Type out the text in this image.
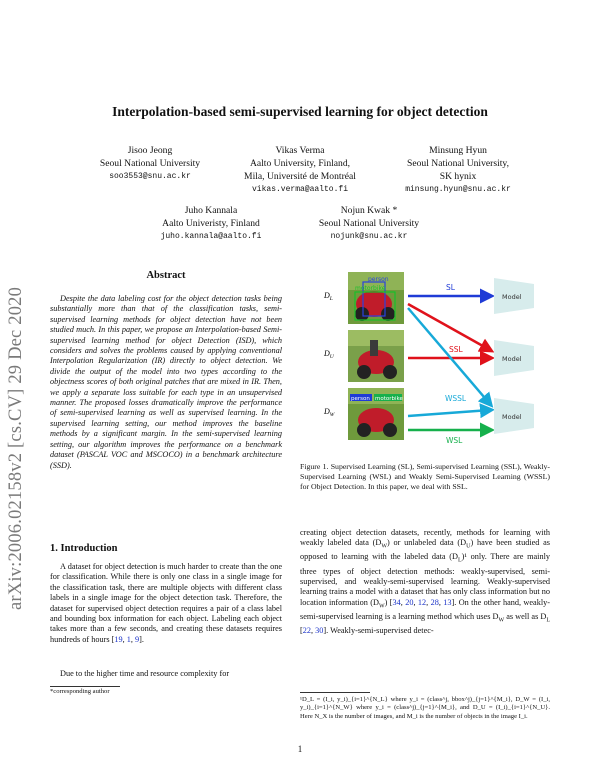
arXiv:2006.02158v2 [cs.CV] 29 Dec 2020
Interpolation-based semi-supervised learning for object detection
Jisoo Jeong
Seoul National University
soo3553@snu.ac.kr
Vikas Verma
Aalto University, Finland,
Mila, Université de Montréal
vikas.verma@aalto.fi
Minsung Hyun
Seoul National University,
SK hynix
minsung.hyun@snu.ac.kr
Juho Kannala
Aalto Univeristy, Finland
juho.kannala@aalto.fi
Nojun Kwak *
Seoul National University
nojunk@snu.ac.kr
Abstract
Despite the data labeling cost for the object detection tasks being substantially more than that of the classification tasks, semi-supervised learning methods for object detection have not been studied much. In this paper, we propose an Interpolation-based Semi-supervised learning method for object Detection (ISD), which considers and solves the problems caused by applying conventional Interpolation Regularization (IR) directly to object detection. We divide the output of the model into two types according to the objectness scores of both original patches that are mixed in IR. Then, we apply a separate loss suitable for each type in an unsupervised manner. The proposed losses dramatically improve the performance of semi-supervised learning as well as supervised learning. In the supervised learning setting, our method improves the baseline methods by a significant margin. In the semi-supervised learning setting, our algorithm improves the performance on a benchmark dataset (PASCAL VOC and MSCOCO) in a benchmark architecture (SSD).
1. Introduction
A dataset for object detection is much harder to create than the one for classification. While there is only one class in a single image for the classification task, there are multiple objects with different class labels in a single image for the object detection task. Therefore, the dataset for supervised object detection requires a pair of a class label and bounding box information for each object. Labeling each object takes more than a few seconds, and creating these datasets requires hundreds of hours [19, 1, 9].
Due to the higher time and resource complexity for
*corresponding author
person
motorbike
person motorbike
$D_L$
$D_U$
$D_W$
SL
SSL
WSSL
WSL
Model
Model
Model
Figure 1. Supervised Learning (SL), Semi-supervised Learning (SSL), Weakly-Supervised Learning (WSL) and Weakly Semi-Supervised Learning (WSSL) for Object Detection. In this paper, we deal with SSL.
creating object detection datasets, recently, methods for learning with weakly labeled data $(D_W)$ or unlabeled data $(D_U)$ have been studied as opposed to learning with the labeled data $(D_L)^1$ only. There are mainly three types of object detection methods: weakly-supervised, semi-supervised, and weakly-semi-supervised learning. Weakly-supervised learning trains a model with a dataset that has only class information but no location information $(D_W)$ [34, 20, 12, 28, 13]. On the other hand, weakly-semi-supervised learning is a learning method which uses $D_W$ as well as $D_L$ [22, 30]. Weakly-semi-supervised detec-
¹D_L = (I_i, y_i)_{i=1}^{N_L} where y_i = (class^j, bbox^j)_{j=1}^{M_i}, D_W = (I_i, y_i)_{i=1}^{N_W} where y_i = (class^j)_{j=1}^{M_i}, and D_U = (I_i)_{i=1}^{N_U}. Here N_X is the number of images, and M_i is the number of objects in the image I_i.
1
